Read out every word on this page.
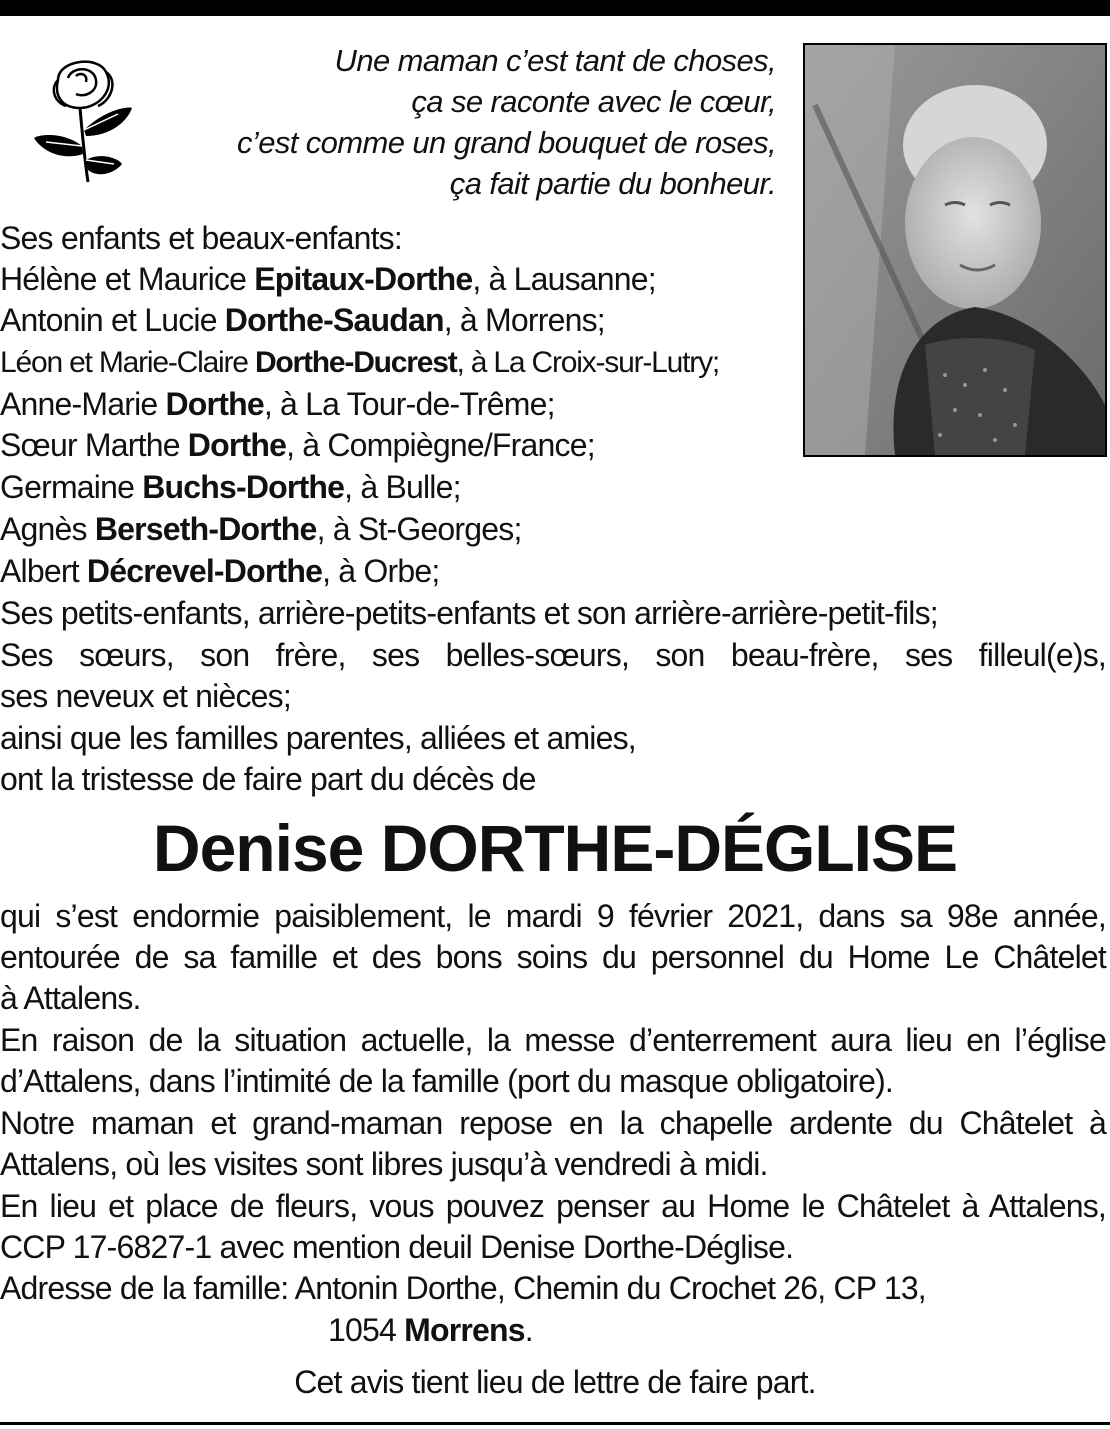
Une maman c’est tant de choses,
ça se raconte avec le cœur,
c’est comme un grand bouquet de roses,
ça fait partie du bonheur.
Ses enfants et beaux-enfants:
Hélène et Maurice Epitaux-Dorthe, à Lausanne;
Antonin et Lucie Dorthe-Saudan, à Morrens;
Léon et Marie-Claire Dorthe-Ducrest, à La Croix-sur-Lutry;
Anne-Marie Dorthe, à La Tour-de-Trême;
Sœur Marthe Dorthe, à Compiègne/France;
Germaine Buchs-Dorthe, à Bulle;
Agnès Berseth-Dorthe, à St-Georges;
Albert Décrevel-Dorthe, à Orbe;
Ses petits-enfants, arrière-petits-enfants et son arrière-arrière-petit-fils;
Ses sœurs, son frère, ses belles-sœurs, son beau-frère, ses filleul(e)s,
ses neveux et nièces;
ainsi que les familles parentes, alliées et amies,
ont la tristesse de faire part du décès de
Denise DORTHE-DÉGLISE
qui s’est endormie paisiblement, le mardi 9 février 2021, dans sa 98e année,
entourée de sa famille et des bons soins du personnel du Home Le Châtelet
à Attalens.
En raison de la situation actuelle, la messe d’enterrement aura lieu en l’église
d’Attalens, dans l’intimité de la famille (port du masque obligatoire).
Notre maman et grand-maman repose en la chapelle ardente du Châtelet à
Attalens, où les visites sont libres jusqu’à vendredi à midi.
En lieu et place de fleurs, vous pouvez penser au Home le Châtelet à Attalens,
CCP 17-6827-1 avec mention deuil Denise Dorthe-Déglise.
Adresse de la famille: Antonin Dorthe, Chemin du Crochet 26, CP 13,
1054 Morrens.
Cet avis tient lieu de lettre de faire part.
